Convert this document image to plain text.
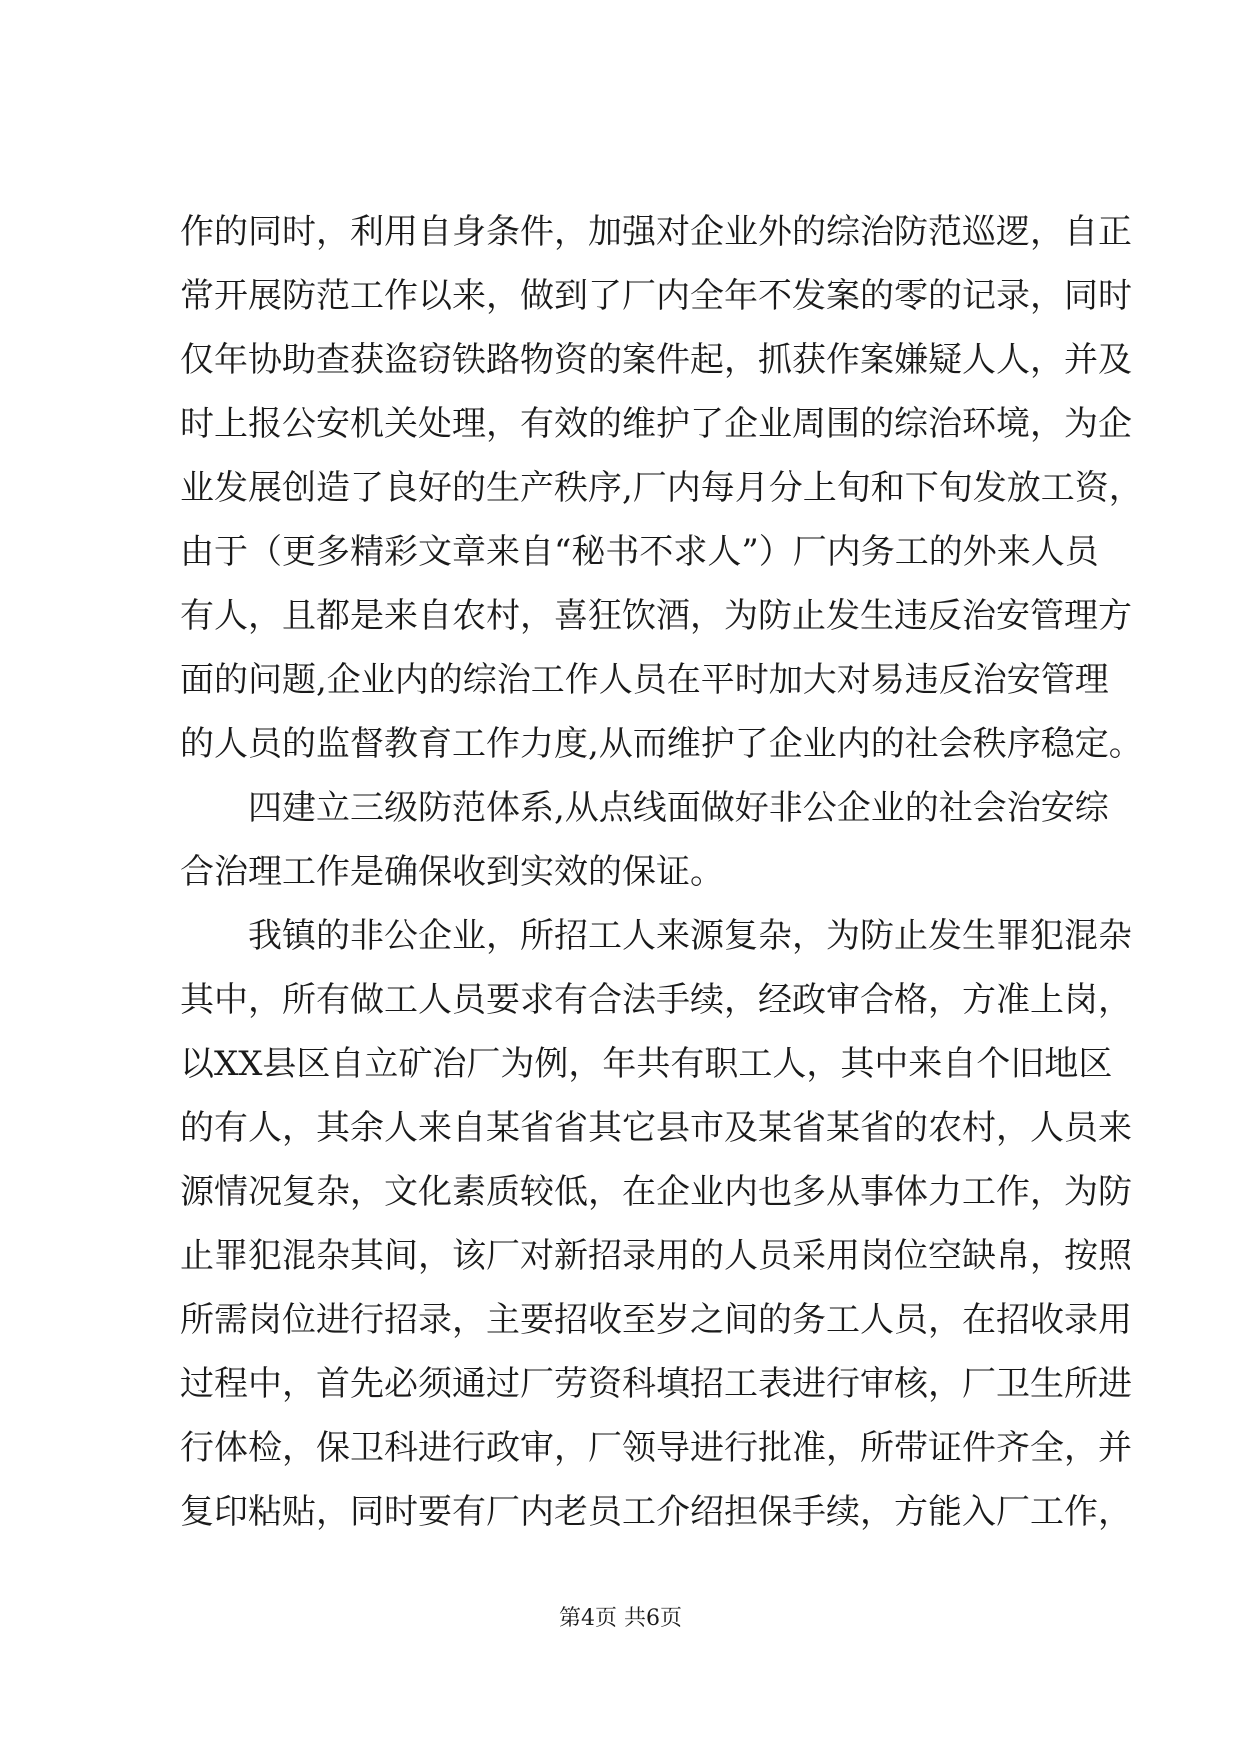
作的同时，利用自身条件，加强对企业外的综治防范巡逻，自正
常开展防范工作以来，做到了厂内全年不发案的零的记录，同时
仅年协助查获盗窃铁路物资的案件起，抓获作案嫌疑人人，并及
时上报公安机关处理，有效的维护了企业周围的综治环境，为企
业发展创造了良好的生产秩序,厂内每月分上旬和下旬发放工资，
由于（更多精彩文章来自“秘书不求人”）厂内务工的外来人员
有人，且都是来自农村，喜狂饮酒，为防止发生违反治安管理方
面的问题,企业内的综治工作人员在平时加大对易违反治安管理
的人员的监督教育工作力度,从而维护了企业内的社会秩序稳定。
四建立三级防范体系,从点线面做好非公企业的社会治安综
合治理工作是确保收到实效的保证。
我镇的非公企业，所招工人来源复杂，为防止发生罪犯混杂
其中，所有做工人员要求有合法手续，经政审合格，方准上岗，
以XX县区自立矿冶厂为例，年共有职工人，其中来自个旧地区
的有人，其余人来自某省省其它县市及某省某省的农村，人员来
源情况复杂，文化素质较低，在企业内也多从事体力工作，为防
止罪犯混杂其间，该厂对新招录用的人员采用岗位空缺帛，按照
所需岗位进行招录，主要招收至岁之间的务工人员，在招收录用
过程中，首先必须通过厂劳资科填招工表进行审核，厂卫生所进
行体检，保卫科进行政审，厂领导进行批准，所带证件齐全，并
复印粘贴，同时要有厂内老员工介绍担保手续，方能入厂工作，
第4页 共6页
